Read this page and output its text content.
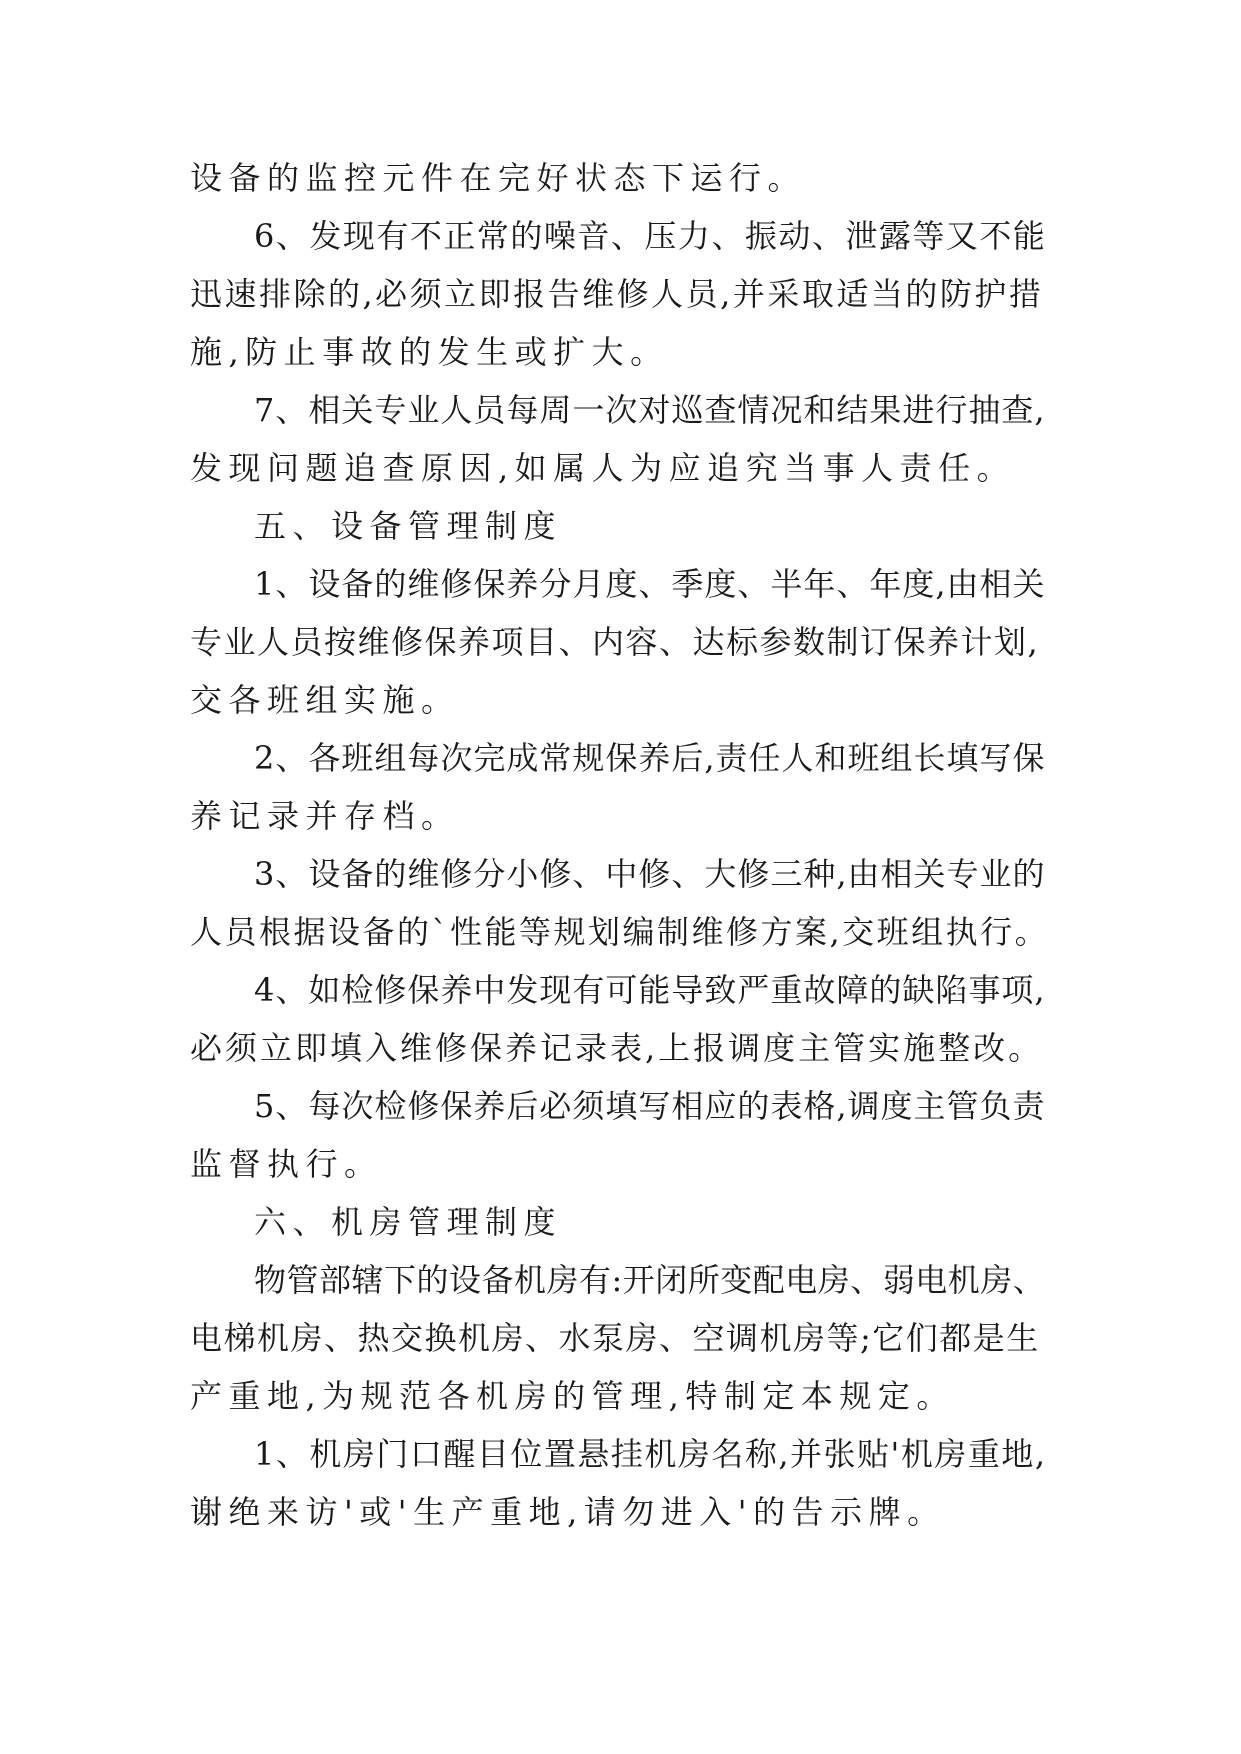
设备的监控元件在完好状态下运行。
6、发现有不正常的噪音、压力、振动、泄露等又不能
迅速排除的,必须立即报告维修人员,并采取适当的防护措
施,防止事故的发生或扩大。
7、相关专业人员每周一次对巡查情况和结果进行抽查,
发现问题追查原因,如属人为应追究当事人责任。
五、设备管理制度
1、设备的维修保养分月度、季度、半年、年度,由相关
专业人员按维修保养项目、内容、达标参数制订保养计划,
交各班组实施。
2、各班组每次完成常规保养后,责任人和班组长填写保
养记录并存档。
3、设备的维修分小修、中修、大修三种,由相关专业的
人员根据设备的`性能等规划编制维修方案,交班组执行。
4、如检修保养中发现有可能导致严重故障的缺陷事项,
必须立即填入维修保养记录表,上报调度主管实施整改。
5、每次检修保养后必须填写相应的表格,调度主管负责
监督执行。
六、机房管理制度
物管部辖下的设备机房有:开闭所变配电房、弱电机房、
电梯机房、热交换机房、水泵房、空调机房等;它们都是生
产重地,为规范各机房的管理,特制定本规定。
1、机房门口醒目位置悬挂机房名称,并张贴'机房重地,
谢绝来访'或'生产重地,请勿进入'的告示牌。
